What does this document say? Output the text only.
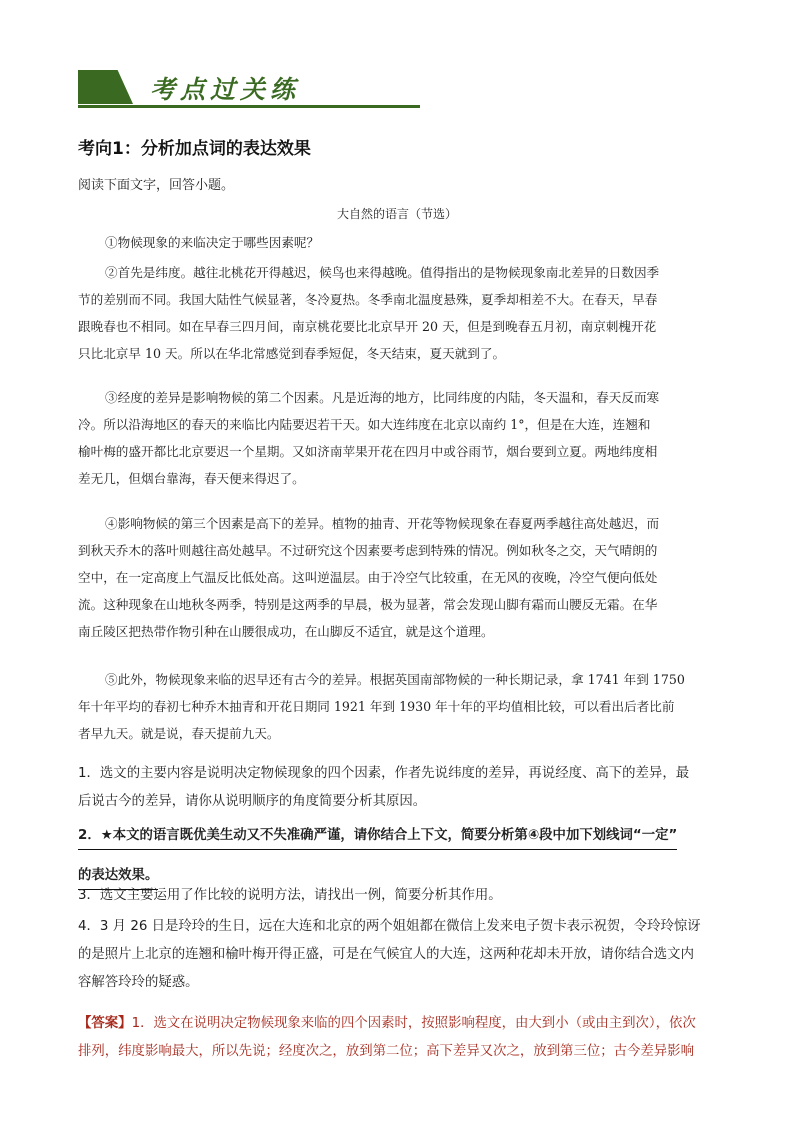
考点过关练
考向1：分析加点词的表达效果
阅读下面文字，回答小题。
大自然的语言（节选）
①物候现象的来临决定于哪些因素呢？
②首先是纬度。越往北桃花开得越迟，候鸟也来得越晚。值得指出的是物候现象南北差异的日数因季
节的差别而不同。我国大陆性气候显著，冬冷夏热。冬季南北温度悬殊，夏季却相差不大。在春天，早春
跟晚春也不相同。如在早春三四月间，南京桃花要比北京早开 20 天，但是到晚春五月初，南京刺槐开花
只比北京早 10 天。所以在华北常感觉到春季短促，冬天结束，夏天就到了。
③经度的差异是影响物候的第二个因素。凡是近海的地方，比同纬度的内陆，冬天温和，春天反而寒
冷。所以沿海地区的春天的来临比内陆要迟若干天。如大连纬度在北京以南约 1°，但是在大连，连翘和
榆叶梅的盛开都比北京要迟一个星期。又如济南苹果开花在四月中或谷雨节，烟台要到立夏。两地纬度相
差无几，但烟台靠海，春天便来得迟了。
④影响物候的第三个因素是高下的差异。植物的抽青、开花等物候现象在春夏两季越往高处越迟，而
到秋天乔木的落叶则越往高处越早。不过研究这个因素要考虑到特殊的情况。例如秋冬之交，天气晴朗的
空中，在一定高度上气温反比低处高。这叫逆温层。由于冷空气比较重，在无风的夜晚，冷空气便向低处
流。这种现象在山地秋冬两季，特别是这两季的早晨，极为显著，常会发现山脚有霜而山腰反无霜。在华
南丘陵区把热带作物引种在山腰很成功，在山脚反不适宜，就是这个道理。
⑤此外，物候现象来临的迟早还有古今的差异。根据英国南部物候的一种长期记录，拿 1741 年到 1750
年十年平均的春初七种乔木抽青和开花日期同 1921 年到 1930 年十年的平均值相比较，可以看出后者比前
者早九天。就是说，春天提前九天。
1．选文的主要内容是说明决定物候现象的四个因素，作者先说纬度的差异，再说经度、高下的差异，最
后说古今的差异，请你从说明顺序的角度简要分析其原因。
2．★本文的语言既优美生动又不失准确严谨，请你结合上下文，简要分析第④段中加下划线词“一定” 的表达效果。
3．选文主要运用了作比较的说明方法，请找出一例，简要分析其作用。
4．3 月 26 日是玲玲的生日，远在大连和北京的两个姐姐都在微信上发来电子贺卡表示祝贺，令玲玲惊讶
的是照片上北京的连翘和榆叶梅开得正盛，可是在气候宜人的大连，这两种花却未开放，请你结合选文内
容解答玲玲的疑惑。
【答案】1．选文在说明决定物候现象来临的四个因素时，按照影响程度，由大到小（或由主到次），依次
排列，纬度影响最大，所以先说；经度次之，放到第二位；高下差异又次之，放到第三位；古今差异影响
